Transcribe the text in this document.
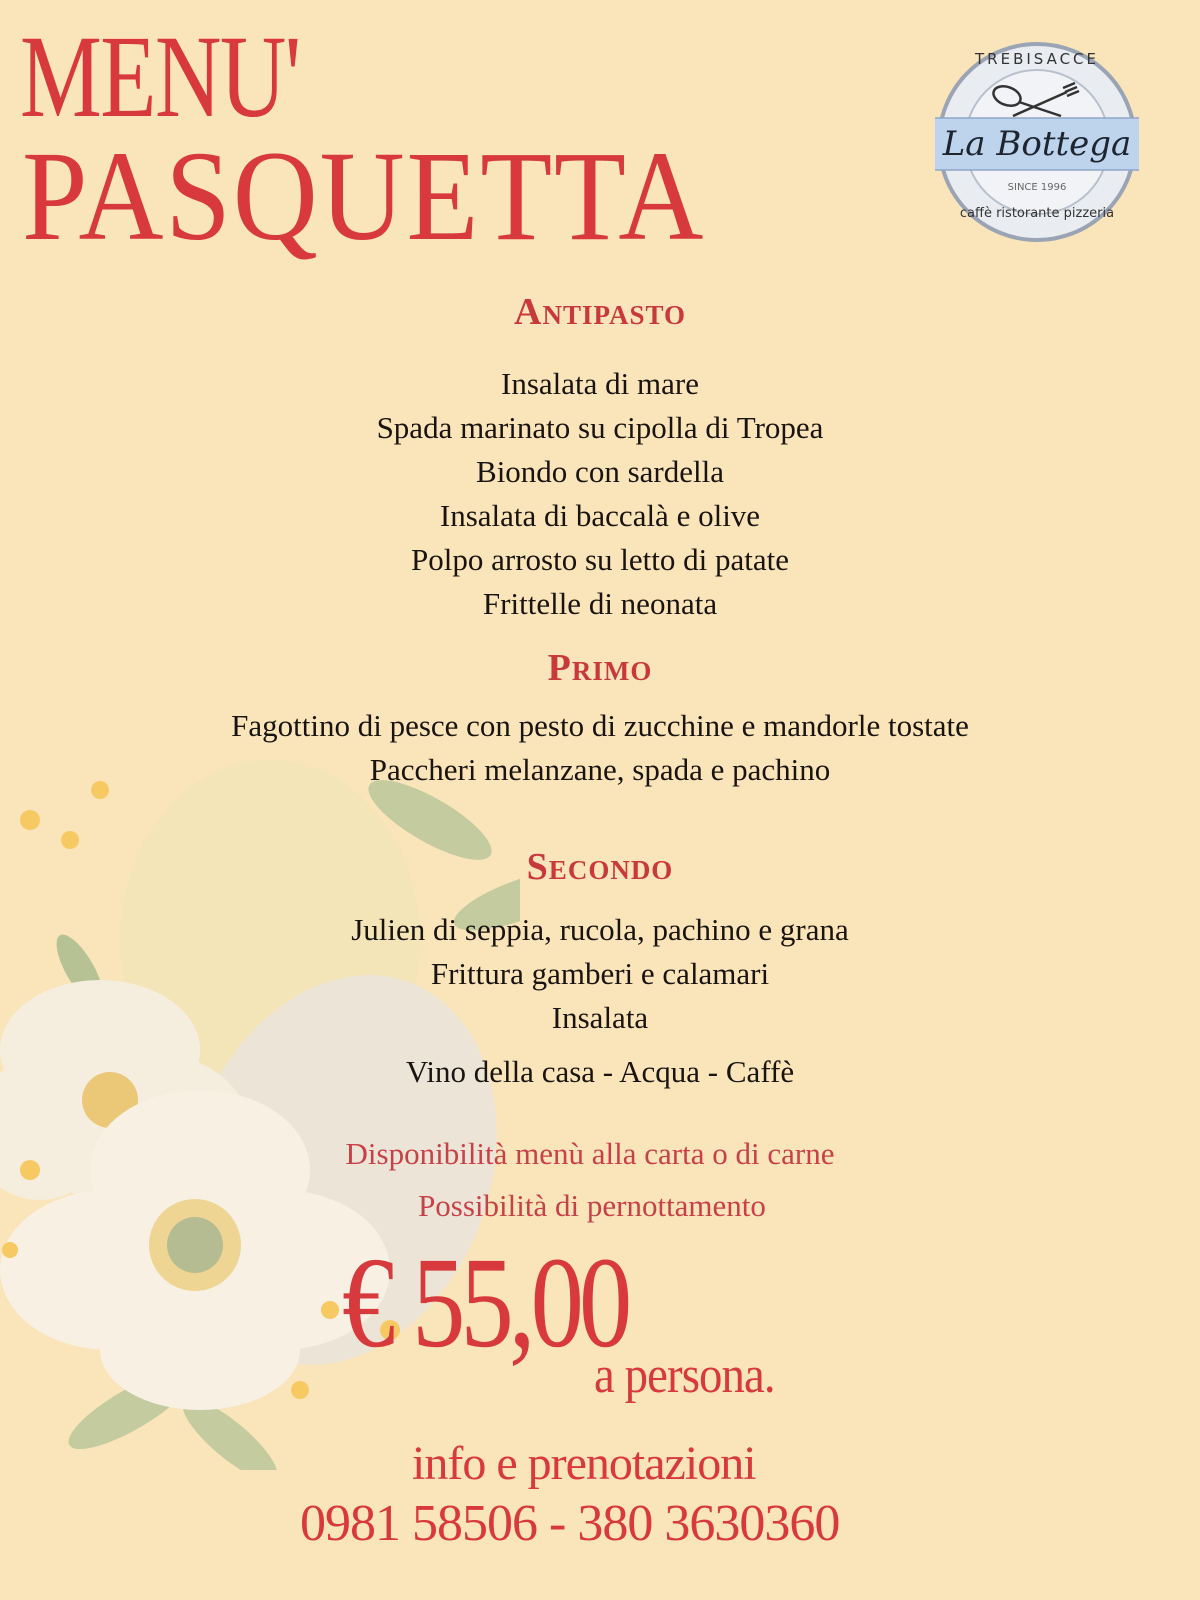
MENU'
PASQUETTA
TREBISACCE
La Bottega
SINCE 1996
caffè ristorante pizzeria
Antipasto
Insalata di mare
Spada marinato su cipolla di Tropea
Biondo con sardella
Insalata di baccalà e olive
Polpo arrosto su letto di patate
Frittelle di neonata
Primo
Fagottino di pesce con pesto di zucchine e mandorle tostate
Paccheri melanzane, spada e pachino
Secondo
Julien di seppia, rucola, pachino e grana
Frittura gamberi e calamari
Insalata
Vino della casa - Acqua - Caffè
Disponibilità menù alla carta o di carne
Possibilità di pernottamento
€ 55,00
a persona.
info e prenotazioni
0981 58506 - 380 3630360
